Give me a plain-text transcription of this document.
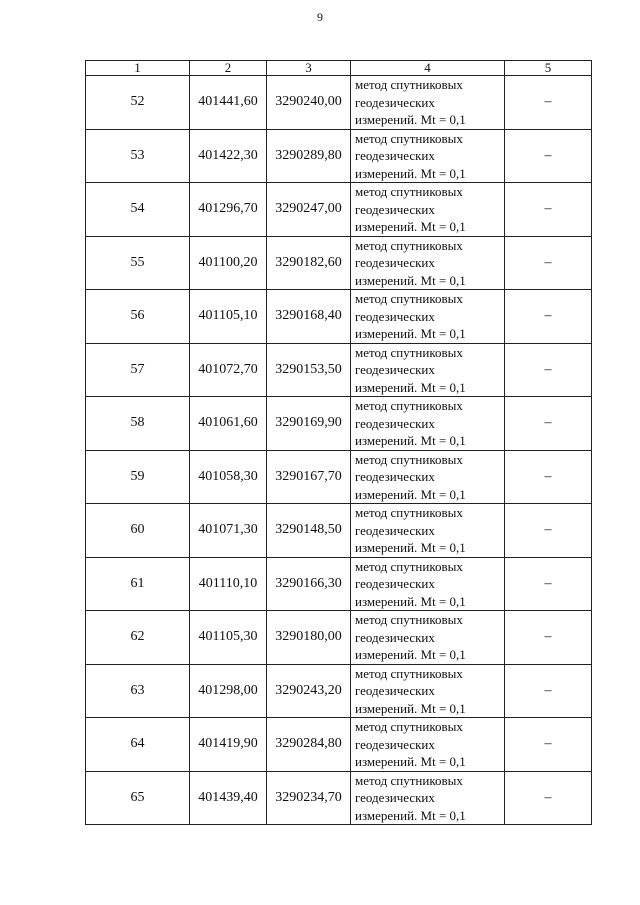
9
1	2	3	4	5
52	401441,60	3290240,00	метод спутниковых
геодезических
измерений. Mt = 0,1	–
53	401422,30	3290289,80	метод спутниковых
геодезических
измерений. Mt = 0,1	–
54	401296,70	3290247,00	метод спутниковых
геодезических
измерений. Mt = 0,1	–
55	401100,20	3290182,60	метод спутниковых
геодезических
измерений. Mt = 0,1	–
56	401105,10	3290168,40	метод спутниковых
геодезических
измерений. Mt = 0,1	–
57	401072,70	3290153,50	метод спутниковых
геодезических
измерений. Mt = 0,1	–
58	401061,60	3290169,90	метод спутниковых
геодезических
измерений. Mt = 0,1	–
59	401058,30	3290167,70	метод спутниковых
геодезических
измерений. Mt = 0,1	–
60	401071,30	3290148,50	метод спутниковых
геодезических
измерений. Mt = 0,1	–
61	401110,10	3290166,30	метод спутниковых
геодезических
измерений. Mt = 0,1	–
62	401105,30	3290180,00	метод спутниковых
геодезических
измерений. Mt = 0,1	–
63	401298,00	3290243,20	метод спутниковых
геодезических
измерений. Mt = 0,1	–
64	401419,90	3290284,80	метод спутниковых
геодезических
измерений. Mt = 0,1	–
65	401439,40	3290234,70	метод спутниковых
геодезических
измерений. Mt = 0,1	–
